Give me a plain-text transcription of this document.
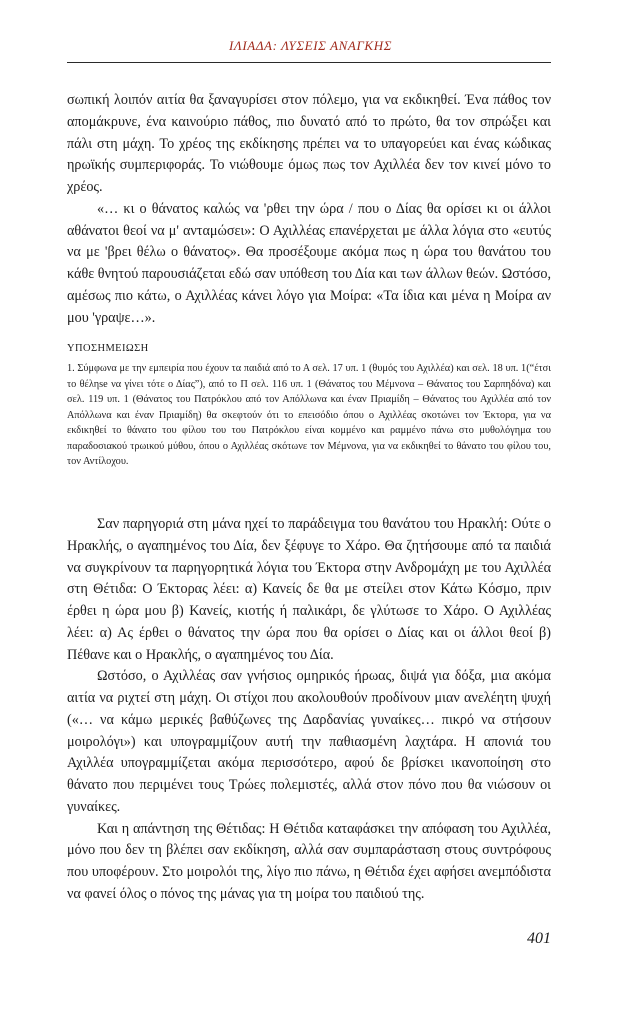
ΙΛΙΑΔΑ: ΛΥΣΕΙΣ ΑΝΑΓΚΗΣ

σωπική λοιπόν αιτία θα ξαναγυρίσει στον πόλεμο, για να εκδικηθεί. Ένα πάθος τον απομάκρυνε, ένα καινούριο πάθος, πιο δυνατό από το πρώτο, θα τον σπρώξει και πάλι στη μάχη. Το χρέος της εκδίκησης πρέπει να το υπαγορεύει και ένας κώδικας ηρωϊκής συμπεριφοράς. Το νιώθουμε όμως πως τον Αχιλλέα δεν τον κινεί μόνο το χρέος.

«… κι ο θάνατος καλώς να 'ρθει την ώρα / που ο Δίας θα ορίσει κι οι άλλοι αθάνατοι θεοί να μ' ανταμώσει»: Ο Αχιλλέας επανέρχεται με άλλα λόγια στο «ευτύς να με 'βρει θέλω ο θάνατος». Θα προσέξουμε ακόμα πως η ώρα του θανάτου του κάθε θνητού παρουσιάζεται εδώ σαν υπόθεση του Δία και των άλλων θεών. Ωστόσο, αμέσως πιο κάτω, ο Αχιλλέας κάνει λόγο για Μοίρα: «Τα ίδια και μένα η Μοίρα αν μου 'γραψε…».

ΥΠΟΣΗΜΕΙΩΣΗ

1. Σύμφωνα με την εμπειρία που έχουν τα παιδιά από το Α σελ. 17 υπ. 1 (θυμός του Αχιλλέα) και σελ. 18 υπ. 1(“έτσι το θέληse να γίνει τότε ο Δίας”), από το Π σελ. 116 υπ. 1 (Θάνατος του Μέμνονα – Θάνατος του Σαρπηδόνα) και σελ. 119 υπ. 1 (Θάνατος του Πατρόκλου από τον Απόλλωνα και έναν Πριαμίδη – Θάνατος του Αχιλλέα από τον Απόλλωνα και έναν Πριαμίδη) θα σκεφτούν ότι το επεισόδιο όπου ο Αχιλλέας σκοτώνει τον Έκτορα, για να εκδικηθεί το θάνατο του φίλου του του Πατρόκλου είναι κομμένο και ραμμένο πάνω στο μυθολόγημα του παραδοσιακού τρωικού μύθου, όπου ο Αχιλλέας σκότωνε τον Μέμνονα, για να εκδικηθεί το θάνατο του φίλου του, τον Αντίλοχου.

Σαν παρηγοριά στη μάνα ηχεί το παράδειγμα του θανάτου του Ηρακλή: Ούτε ο Ηρακλής, ο αγαπημένος του Δία, δεν ξέφυγε το Χάρο. Θα ζητήσουμε από τα παιδιά να συγκρίνουν τα παρηγορητικά λόγια του Έκτορα στην Ανδρομάχη με του Αχιλλέα στη Θέτιδα: Ο Έκτορας λέει: α) Κανείς δε θα με στείλει στον Κάτω Κόσμο, πριν έρθει η ώρα μου β) Κανείς, κιοτής ή παλικάρι, δε γλύτωσε το Χάρο. Ο Αχιλλέας λέει: α) Ας έρθει ο θάνατος την ώρα που θα ορίσει ο Δίας και οι άλλοι θεοί β) Πέθανε και ο Ηρακλής, ο αγαπημένος του Δία.

Ωστόσο, ο Αχιλλέας σαν γνήσιος ομηρικός ήρωας, διψά για δόξα, μια ακόμα αιτία να ριχτεί στη μάχη. Οι στίχοι που ακολουθούν προδίνουν μιαν ανελέητη ψυχή («… να κάμω μερικές βαθύζωνες της Δαρδανίας γυναίκες… πικρό να στήσουν μοιρολόγι») και υπογραμμίζουν αυτή την παθιασμένη λαχτάρα. Η απονιά του Αχιλλέα υπογραμμίζεται ακόμα περισσότερο, αφού δε βρίσκει ικανοποίηση στο θάνατο που περιμένει τους Τρώες πολεμιστές, αλλά στον πόνο που θα νιώσουν οι γυναίκες.

Και η απάντηση της Θέτιδας: Η Θέτιδα καταφάσκει την απόφαση του Αχιλλέα, μόνο που δεν τη βλέπει σαν εκδίκηση, αλλά σαν συμπαράσταση στους συντρόφους που υποφέρουν. Στο μοιρολόι της, λίγο πιο πάνω, η Θέτιδα έχει αφήσει ανεμπόδιστα να φανεί όλος ο πόνος της μάνας για τη μοίρα του παιδιού της.

401
